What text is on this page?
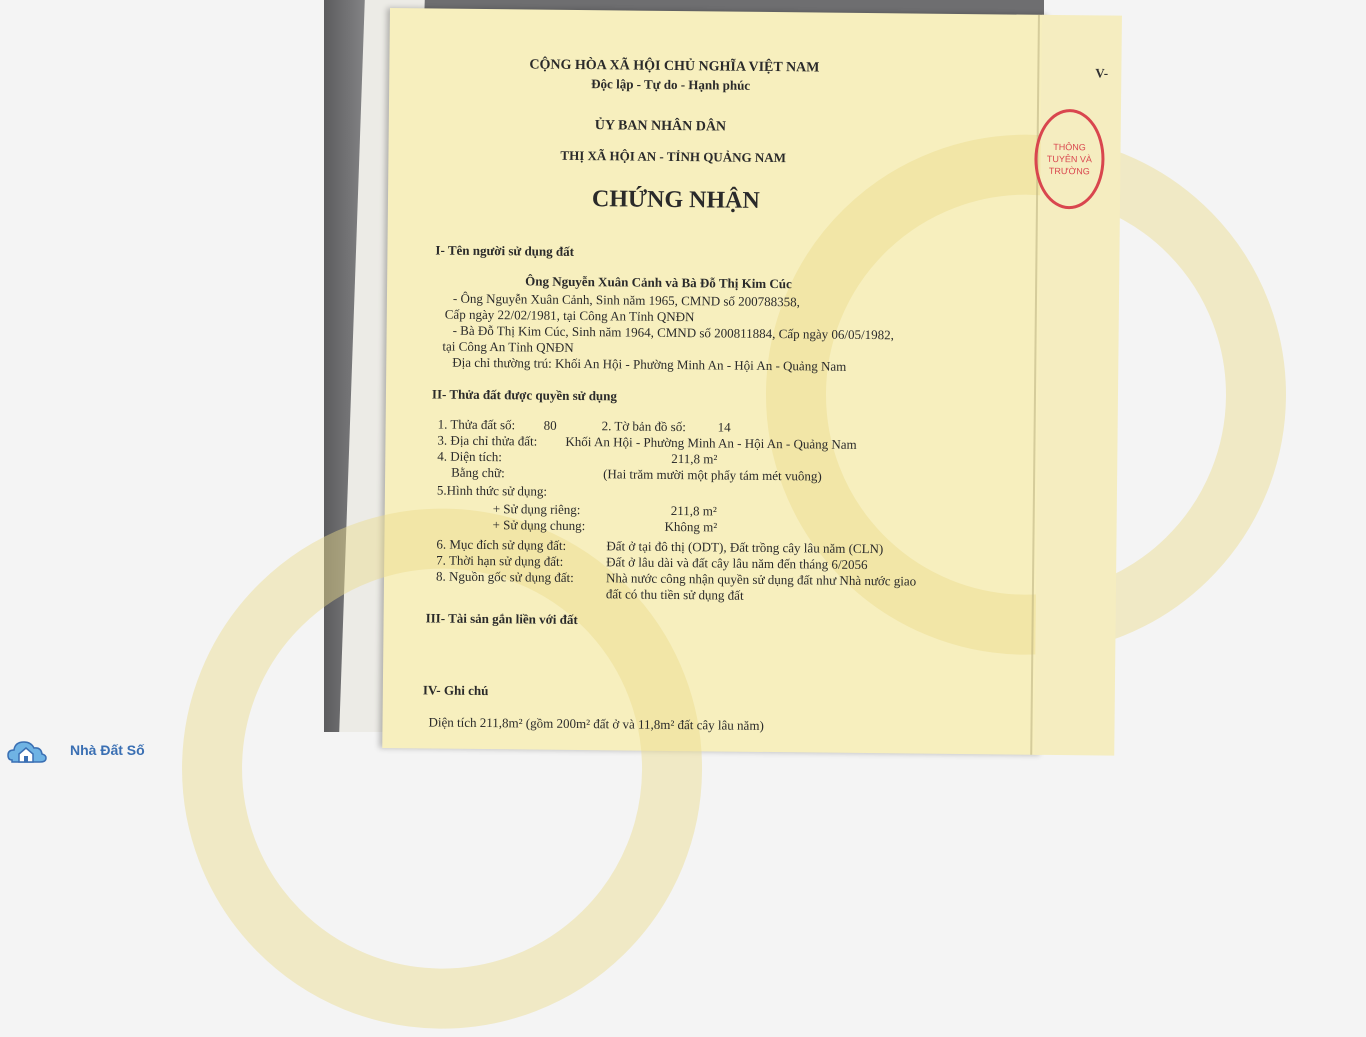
THÔNG
TUYÊN VÀ
TRƯỜNG
V-
CỘNG HÒA XÃ HỘI CHỦ NGHĨA VIỆT NAM
Độc lập - Tự do - Hạnh phúc
ỦY BAN NHÂN DÂN
THỊ XÃ HỘI AN - TỈNH QUẢNG NAM
CHỨNG NHẬN
I- Tên người sử dụng đất
Ông Nguyễn Xuân Cảnh và Bà Đỗ Thị Kim Cúc
- Ông Nguyễn Xuân Cảnh, Sinh năm 1965, CMND số 200788358,
Cấp ngày 22/02/1981, tại Công An Tỉnh QNĐN
- Bà Đỗ Thị Kim Cúc, Sinh năm 1964, CMND số 200811884, Cấp ngày 06/05/1982,
tại Công An Tỉnh QNĐN
Địa chỉ thường trú: Khối An Hội - Phường Minh An - Hội An - Quảng Nam
II- Thửa đất được quyền sử dụng
1. Thửa đất số: 80	2. Tờ bản đồ số: 14
3. Địa chỉ thửa đất: Khối An Hội - Phường Minh An - Hội An - Quảng Nam
4. Diện tích:	211,8 m²
Bằng chữ:	(Hai trăm mười một phẩy tám mét vuông)
5.Hình thức sử dụng:
+ Sử dụng riêng:	211,8 m²
+ Sử dụng chung:	Không m²
6. Mục đích sử dụng đất:	Đất ở tại đô thị (ODT), Đất trồng cây lâu năm (CLN)
7. Thời hạn sử dụng đất:	Đất ở lâu dài và đất cây lâu năm đến tháng 6/2056
8. Nguồn gốc sử dụng đất: Nhà nước công nhận quyền sử dụng đất như Nhà nước giao
đất có thu tiền sử dụng đất
III- Tài sản gắn liền với đất
IV- Ghi chú
Diện tích 211,8m² (gồm 200m² đất ở và 11,8m² đất cây lâu năm)
Nhà Đất Số
